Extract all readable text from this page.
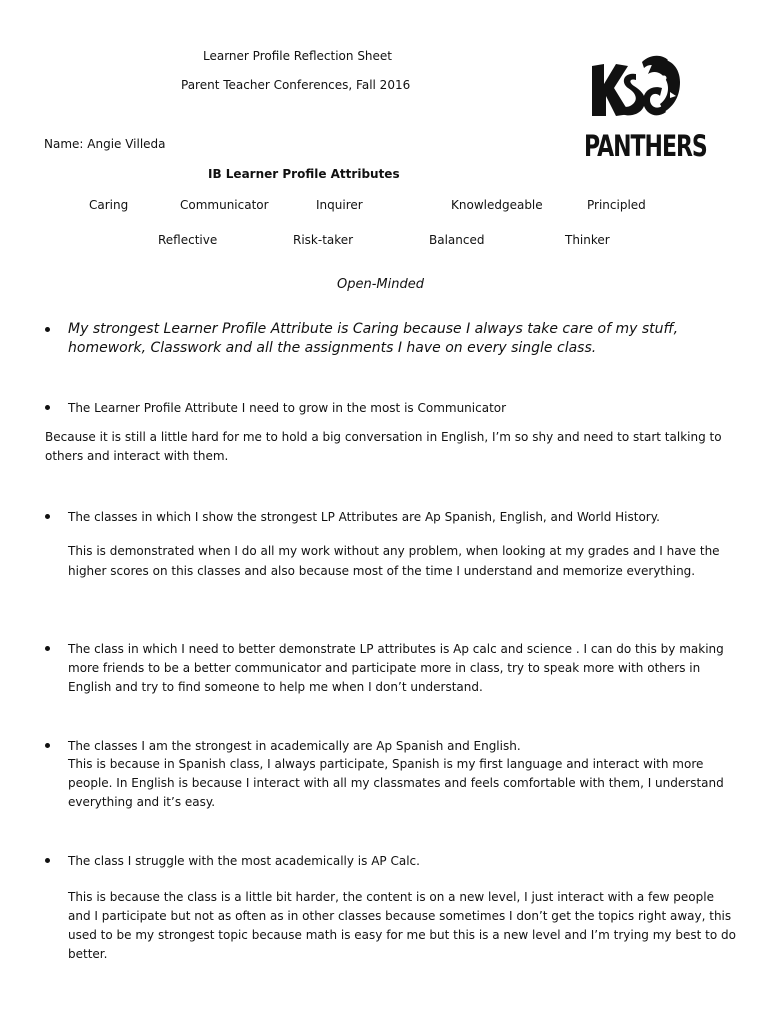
Learner Profile Reflection Sheet
Parent Teacher Conferences, Fall 2016
Name: Angie Villeda	PANTHERS
IB Learner Profile Attributes
Caring	Communicator	Inquirer	Knowledgeable	Principled
Reflective	Risk-taker	Balanced	Thinker
Open-Minded
My strongest Learner Profile Attribute is Caring because I always take care of my stuff,
homework, Classwork and all the assignments I have on every single class.
The Learner Profile Attribute I need to grow in the most is Communicator
Because it is still a little hard for me to hold a big conversation in English, I’m so shy and need to start talking to
others and interact with them.
The classes in which I show the strongest LP Attributes are Ap Spanish, English, and World History.
This is demonstrated when I do all my work without any problem, when looking at my grades and I have the
higher scores on this classes and also because most of the time I understand and memorize everything.
The class in which I need to better demonstrate LP attributes is Ap calc and science . I can do this by making
more friends to be a better communicator and participate more in class, try to speak more with others in
English and try to find someone to help me when I don’t understand.
The classes I am the strongest in academically are Ap Spanish and English.
This is because in Spanish class, I always participate, Spanish is my first language and interact with more
people. In English is because I interact with all my classmates and feels comfortable with them, I understand
everything and it’s easy.
The class I struggle with the most academically is AP Calc.
This is because the class is a little bit harder, the content is on a new level, I just interact with a few people
and I participate but not as often as in other classes because sometimes I don’t get the topics right away, this
used to be my strongest topic because math is easy for me but this is a new level and I’m trying my best to do
better.
